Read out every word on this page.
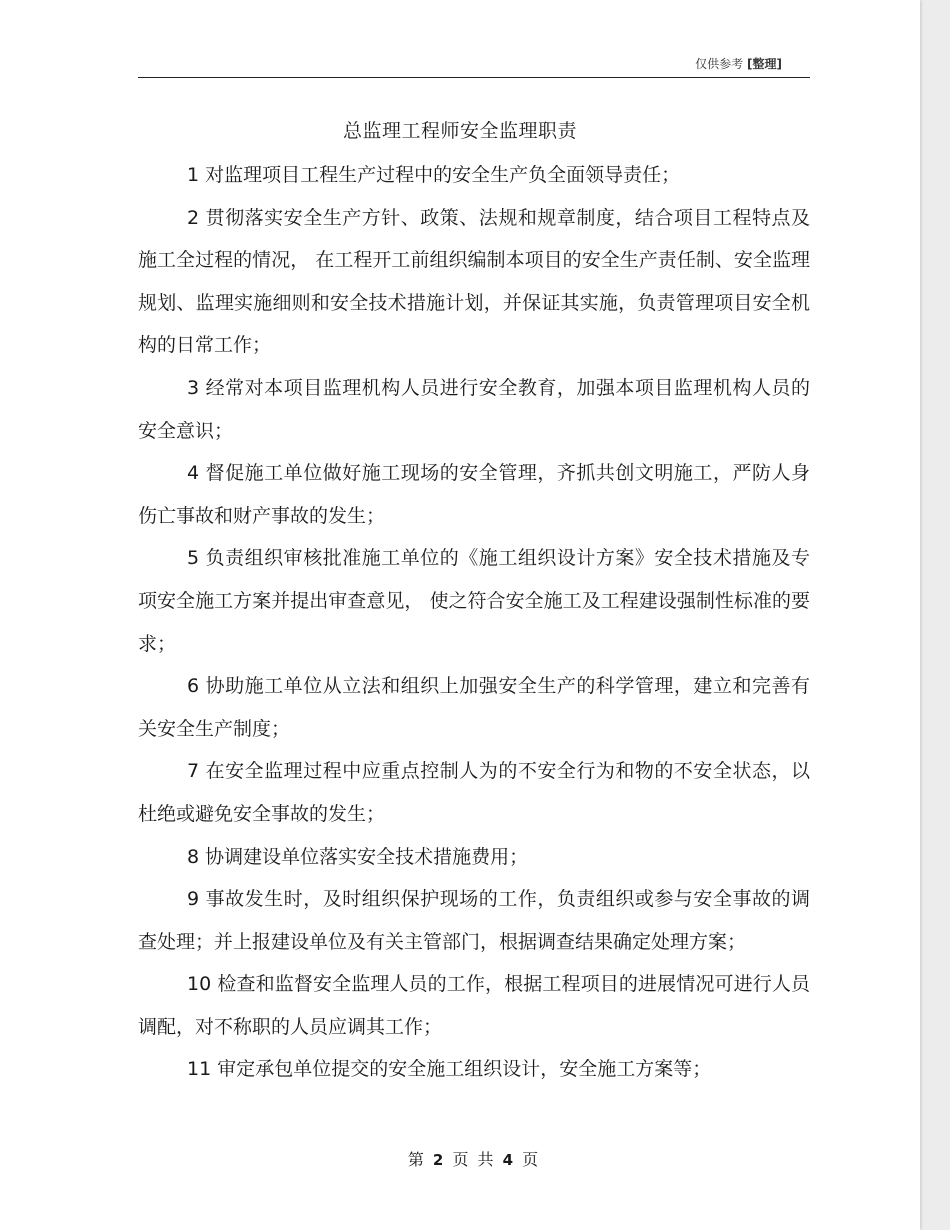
仅供参考 [整理]
总监理工程师安全监理职责

1 对监理项目工程生产过程中的安全生产负全面领导责任；

2 贯彻落实安全生产方针、政策、法规和规章制度，结合项目工程特点及施工全过程的情况， 在工程开工前组织编制本项目的安全生产责任制、安全监理规划、监理实施细则和安全技术措施计划，并保证其实施，负责管理项目安全机构的日常工作；

3 经常对本项目监理机构人员进行安全教育，加强本项目监理机构人员的安全意识；

4 督促施工单位做好施工现场的安全管理，齐抓共创文明施工，严防人身伤亡事故和财产事故的发生；

5 负责组织审核批准施工单位的《施工组织设计方案》安全技术措施及专项安全施工方案并提出审查意见， 使之符合安全施工及工程建设强制性标准的要求；

6 协助施工单位从立法和组织上加强安全生产的科学管理，建立和完善有关安全生产制度；

7 在安全监理过程中应重点控制人为的不安全行为和物的不安全状态，以杜绝或避免安全事故的发生；

8 协调建设单位落实安全技术措施费用；

9 事故发生时，及时组织保护现场的工作，负责组织或参与安全事故的调查处理；并上报建设单位及有关主管部门，根据调查结果确定处理方案；

10 检查和监督安全监理人员的工作，根据工程项目的进展情况可进行人员调配，对不称职的人员应调其工作；

11 审定承包单位提交的安全施工组织设计，安全施工方案等；

第 2 页 共 4 页
